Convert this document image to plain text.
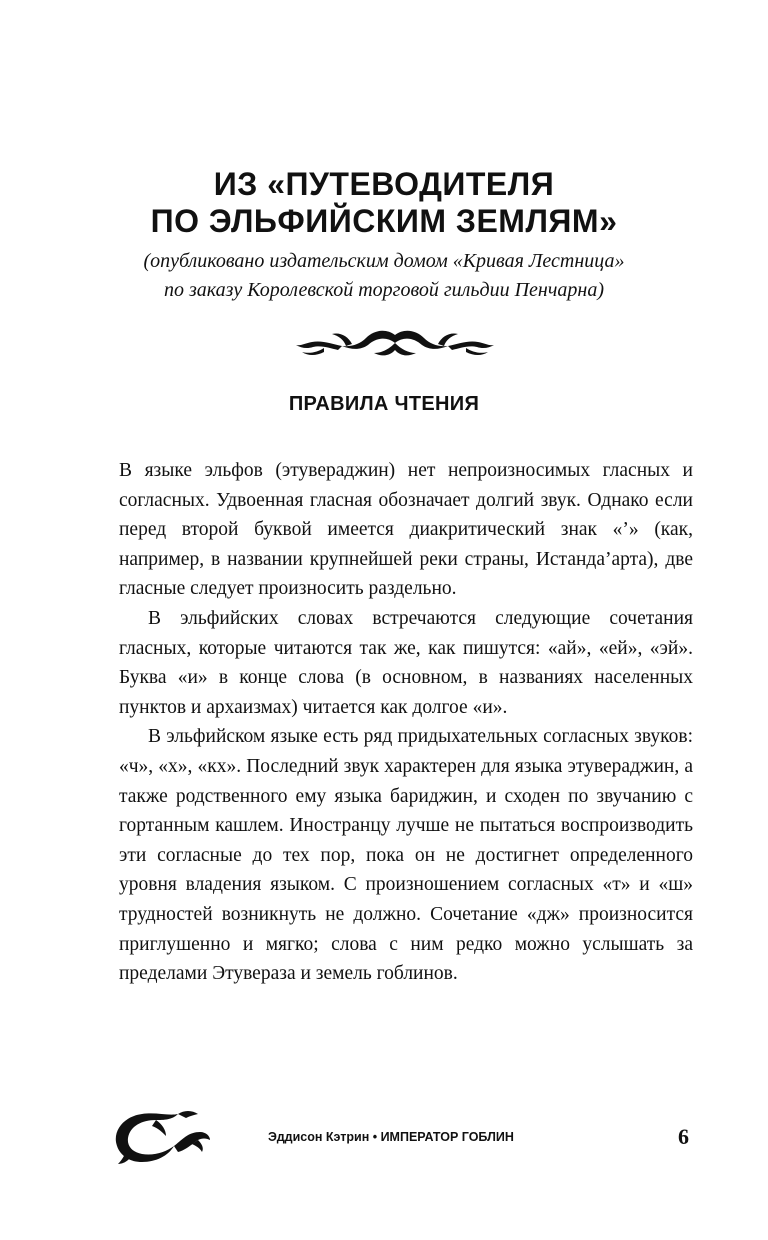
ИЗ «ПУТЕВОДИТЕЛЯ
ПО ЭЛЬФИЙСКИМ ЗЕМЛЯМ»
(опубликовано издательским домом «Кривая Лестница»
по заказу Королевской торговой гильдии Пенчарна)
ПРАВИЛА ЧТЕНИЯ

В языке эльфов (этувераджин) нет непроизносимых гласных и согласных. Удвоенная гласная обозначает долгий звук. Однако если перед второй буквой имеется диакритический знак «’» (как, например, в названии крупнейшей реки страны, Истанда’арта), две гласные следует произносить раздельно.

В эльфийских словах встречаются следующие сочетания гласных, которые читаются так же, как пишутся: «ай», «ей», «эй». Буква «и» в конце слова (в основном, в названиях населенных пунктов и архаизмах) читается как долгое «и».

В эльфийском языке есть ряд придыхательных согласных звуков: «ч», «х», «кх». Последний звук характерен для языка этувераджин, а также родственного ему языка бариджин, и сходен по звучанию с гортанным кашлем. Иностранцу лучше не пытаться воспроизводить эти согласные до тех пор, пока он не достигнет определенного уровня владения языком. С произношением согласных «т» и «ш» трудностей возникнуть не должно. Сочетание «дж» произносится приглушенно и мягко; слова с ним редко можно услышать за пределами Этувераза и земель гоблинов.

Эддисон Кэтрин • ИМПЕРАТОР ГОБЛИН	6
